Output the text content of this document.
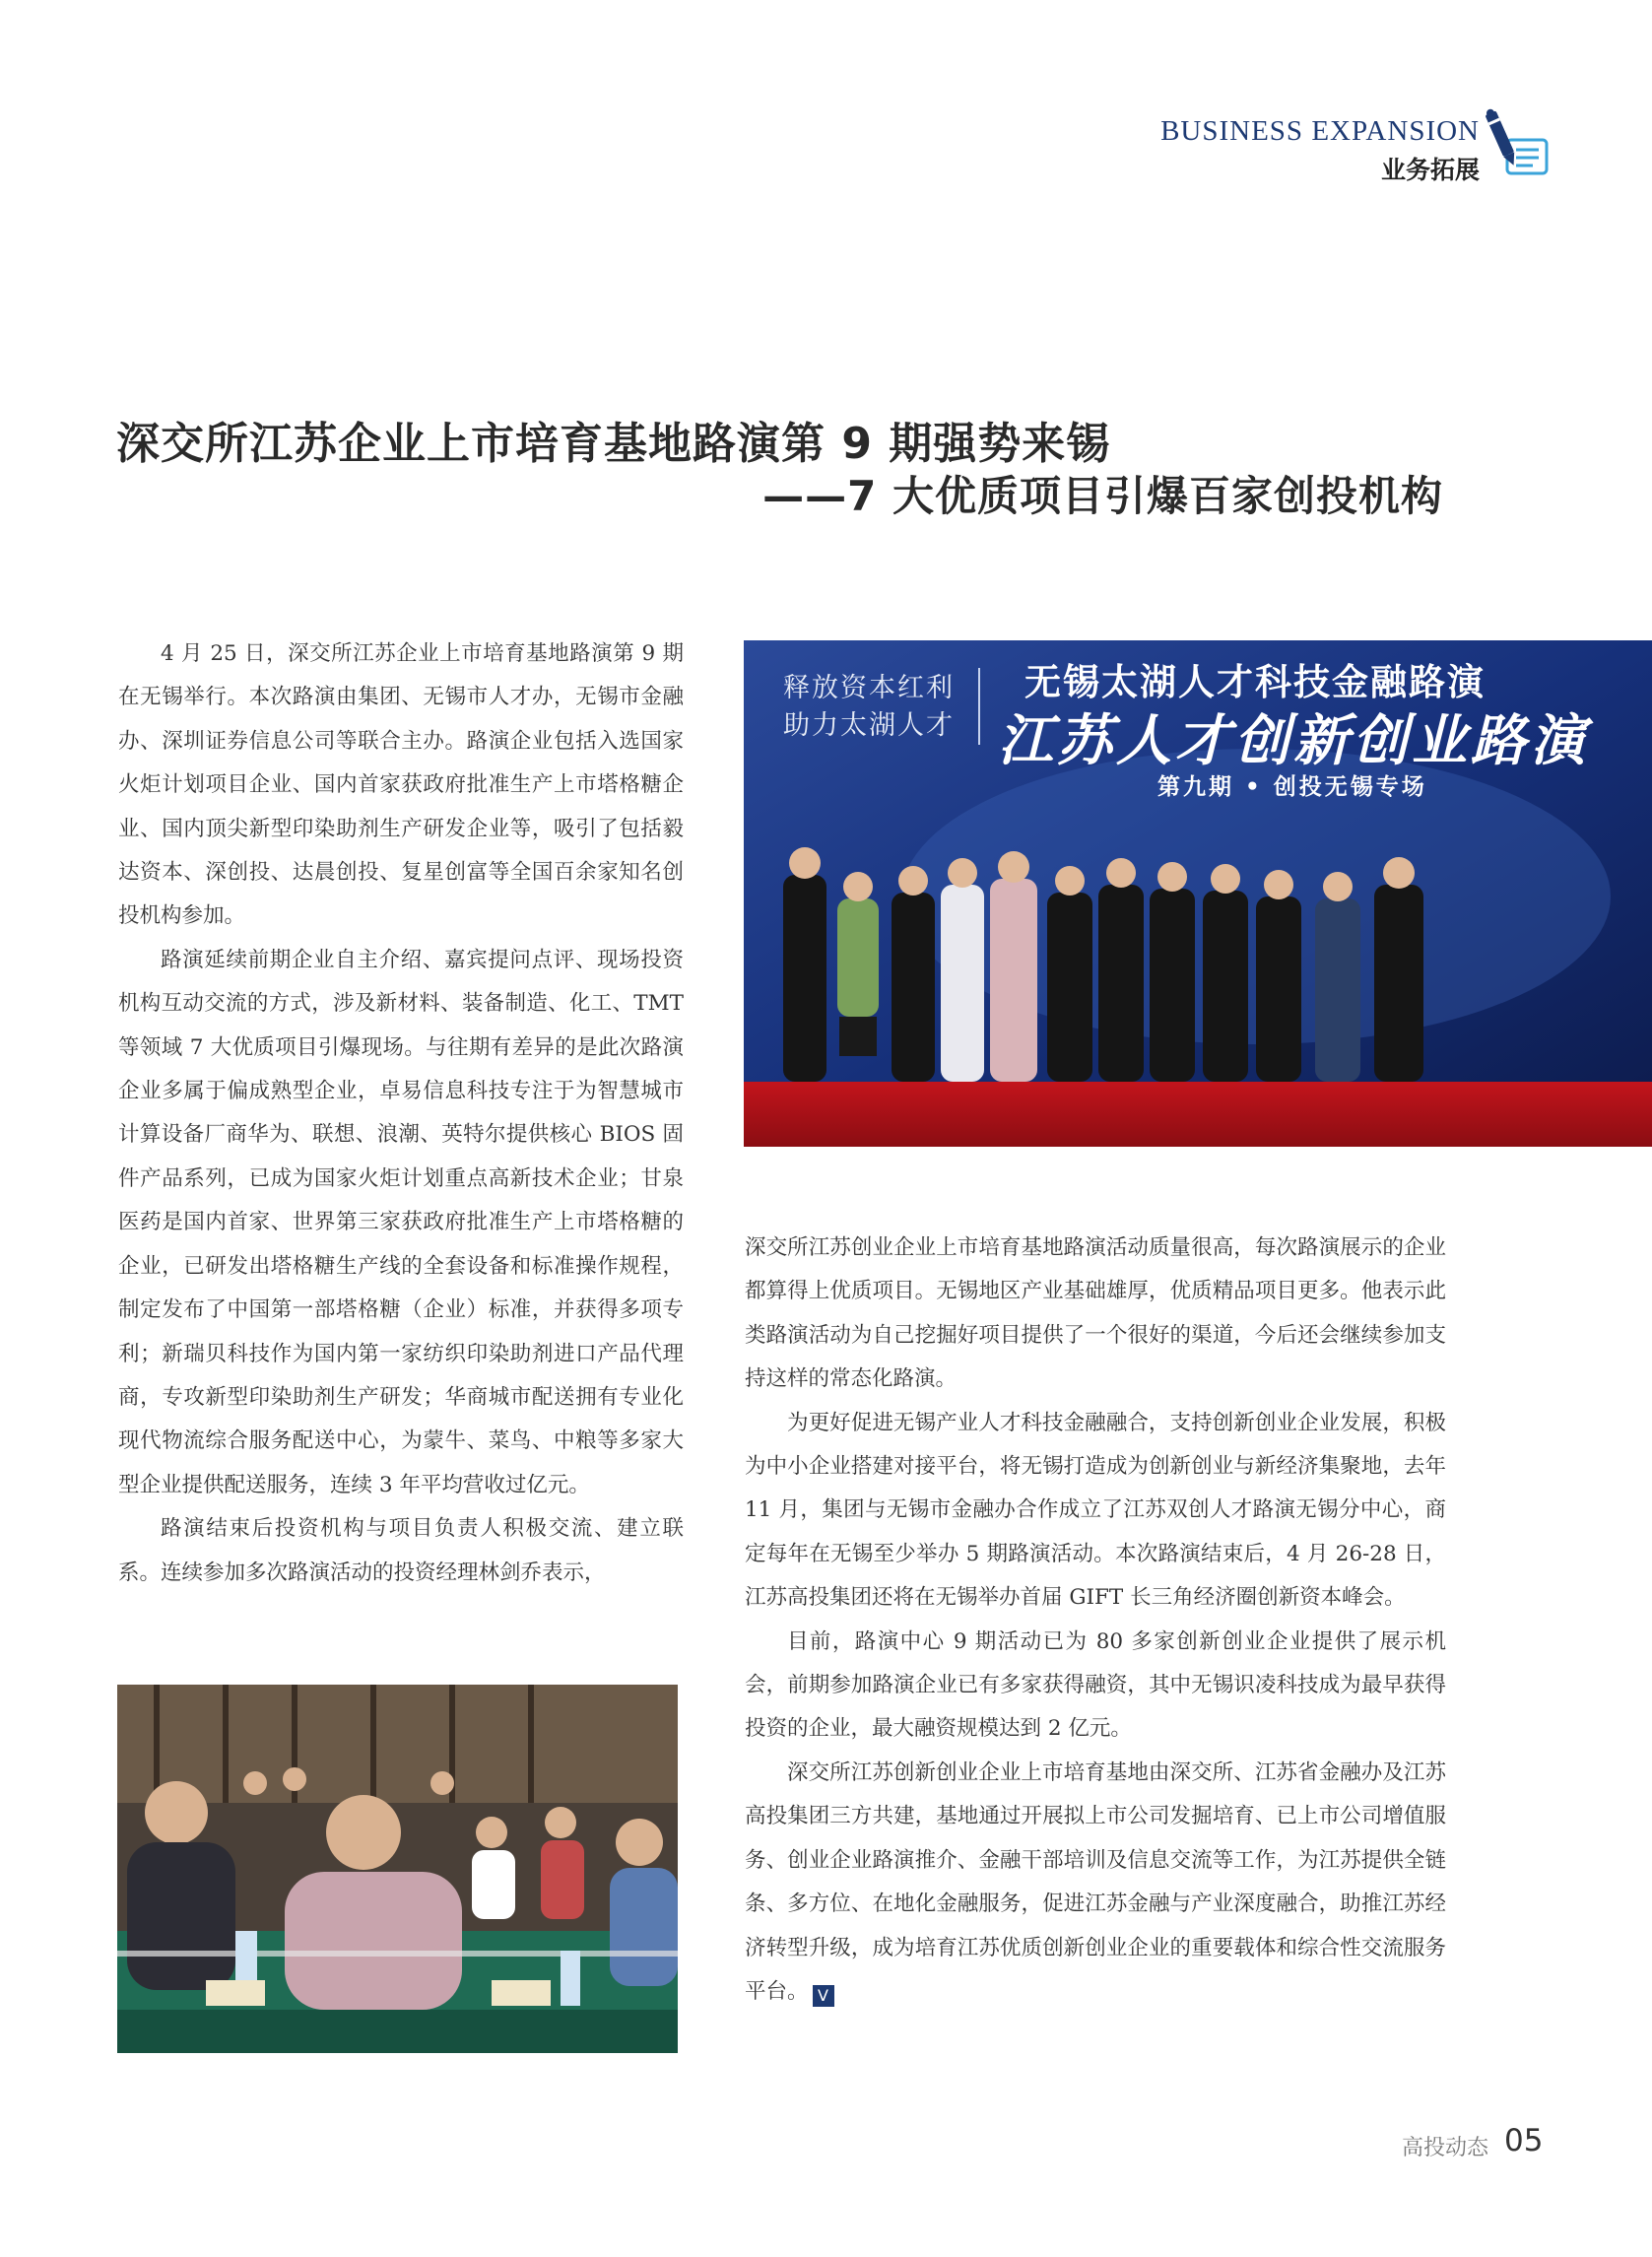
BUSINESS EXPANSION
业务拓展
深交所江苏企业上市培育基地路演第 9 期强势来锡
——7 大优质项目引爆百家创投机构

4 月 25 日，深交所江苏企业上市培育基地路演第 9 期在无锡举行。本次路演由集团、无锡市人才办，无锡市金融办、深圳证券信息公司等联合主办。路演企业包括入选国家火炬计划项目企业、国内首家获政府批准生产上市塔格糖企业、国内顶尖新型印染助剂生产研发企业等，吸引了包括毅达资本、深创投、达晨创投、复星创富等全国百余家知名创投机构参加。

路演延续前期企业自主介绍、嘉宾提问点评、现场投资机构互动交流的方式，涉及新材料、装备制造、化工、TMT 等领域 7 大优质项目引爆现场。与往期有差异的是此次路演企业多属于偏成熟型企业，卓易信息科技专注于为智慧城市计算设备厂商华为、联想、浪潮、英特尔提供核心 BIOS 固件产品系列，已成为国家火炬计划重点高新技术企业；甘泉医药是国内首家、世界第三家获政府批准生产上市塔格糖的企业，已研发出塔格糖生产线的全套设备和标准操作规程，制定发布了中国第一部塔格糖（企业）标准，并获得多项专利；新瑞贝科技作为国内第一家纺织印染助剂进口产品代理商，专攻新型印染助剂生产研发；华商城市配送拥有专业化现代物流综合服务配送中心，为蒙牛、菜鸟、中粮等多家大型企业提供配送服务，连续 3 年平均营收过亿元。

路演结束后投资机构与项目负责人积极交流、建立联系。连续参加多次路演活动的投资经理林剑乔表示，

释放资本红利
助力太湖人才
无锡太湖人才科技金融路演
江苏人才创新创业路演
第九期 • 创投无锡专场

深交所江苏创业企业上市培育基地路演活动质量很高，每次路演展示的企业都算得上优质项目。无锡地区产业基础雄厚，优质精品项目更多。他表示此类路演活动为自己挖掘好项目提供了一个很好的渠道，今后还会继续参加支持这样的常态化路演。

为更好促进无锡产业人才科技金融融合，支持创新创业企业发展，积极为中小企业搭建对接平台，将无锡打造成为创新创业与新经济集聚地，去年 11 月，集团与无锡市金融办合作成立了江苏双创人才路演无锡分中心，商定每年在无锡至少举办 5 期路演活动。本次路演结束后，4 月 26-28 日，江苏高投集团还将在无锡举办首届 GIFT 长三角经济圈创新资本峰会。

目前，路演中心 9 期活动已为 80 多家创新创业企业提供了展示机会，前期参加路演企业已有多家获得融资，其中无锡识凌科技成为最早获得投资的企业，最大融资规模达到 2 亿元。

深交所江苏创新创业企业上市培育基地由深交所、江苏省金融办及江苏高投集团三方共建，基地通过开展拟上市公司发掘培育、已上市公司增值服务、创业企业路演推介、金融干部培训及信息交流等工作，为江苏提供全链条、多方位、在地化金融服务，促进江苏金融与产业深度融合，助推江苏经济转型升级，成为培育江苏优质创新创业企业的重要载体和综合性交流服务平台。 V

高投动态 05
